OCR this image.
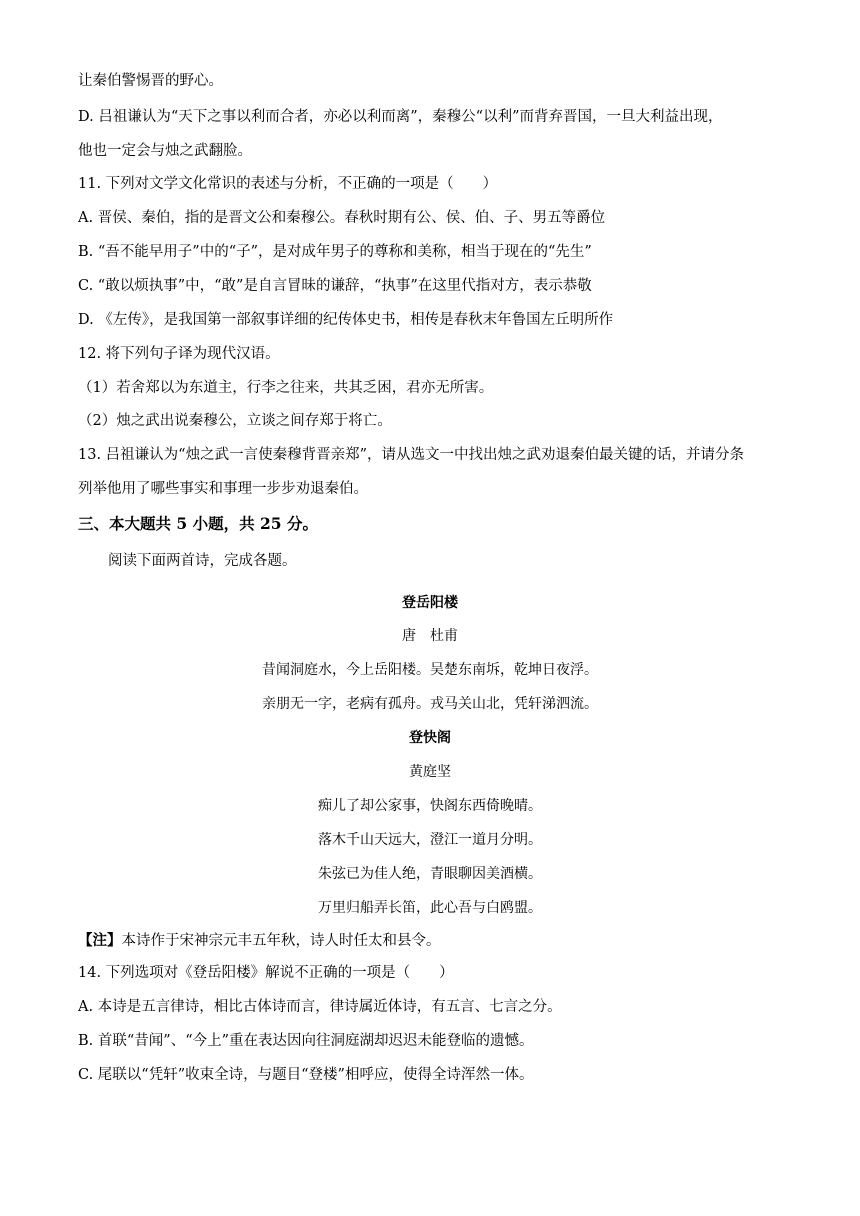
让秦伯警惕晋的野心。
D. 吕祖谦认为“天下之事以利而合者，亦必以利而离”，秦穆公“以利”而背弃晋国，一旦大利益出现，
他也一定会与烛之武翻脸。
11. 下列对文学文化常识的表述与分析，不正确的一项是（　　）
A. 晋侯、秦伯，指的是晋文公和秦穆公。春秋时期有公、侯、伯、子、男五等爵位
B. “吾不能早用子”中的“子”，是对成年男子的尊称和美称，相当于现在的“先生”
C. “敢以烦执事”中，“敢”是自言冒昧的谦辞，“执事”在这里代指对方，表示恭敬
D. 《左传》，是我国第一部叙事详细的纪传体史书，相传是春秋末年鲁国左丘明所作
12. 将下列句子译为现代汉语。
（1）若舍郑以为东道主，行李之往来，共其乏困，君亦无所害。
（2）烛之武出说秦穆公，立谈之间存郑于将亡。
13. 吕祖谦认为“烛之武一言使秦穆背晋亲郑”，请从选文一中找出烛之武劝退秦伯最关键的话，并请分条
列举他用了哪些事实和事理一步步劝退秦伯。
三、本大题共 5 小题，共 25 分。
阅读下面两首诗，完成各题。
登岳阳楼
唐　杜甫
昔闻洞庭水，今上岳阳楼。吴楚东南坼，乾坤日夜浮。
亲朋无一字，老病有孤舟。戎马关山北，凭轩涕泗流。
登快阁
黄庭坚
痴儿了却公家事，快阁东西倚晚晴。
落木千山天远大，澄江一道月分明。
朱弦已为佳人绝，青眼聊因美酒横。
万里归船弄长笛，此心吾与白鸥盟。
【注】本诗作于宋神宗元丰五年秋，诗人时任太和县令。
14. 下列选项对《登岳阳楼》解说不正确的一项是（　　）
A. 本诗是五言律诗，相比古体诗而言，律诗属近体诗，有五言、七言之分。
B. 首联“昔闻”、“今上”重在表达因向往洞庭湖却迟迟未能登临的遗憾。
C. 尾联以“凭轩”收束全诗，与题目“登楼”相呼应，使得全诗浑然一体。
